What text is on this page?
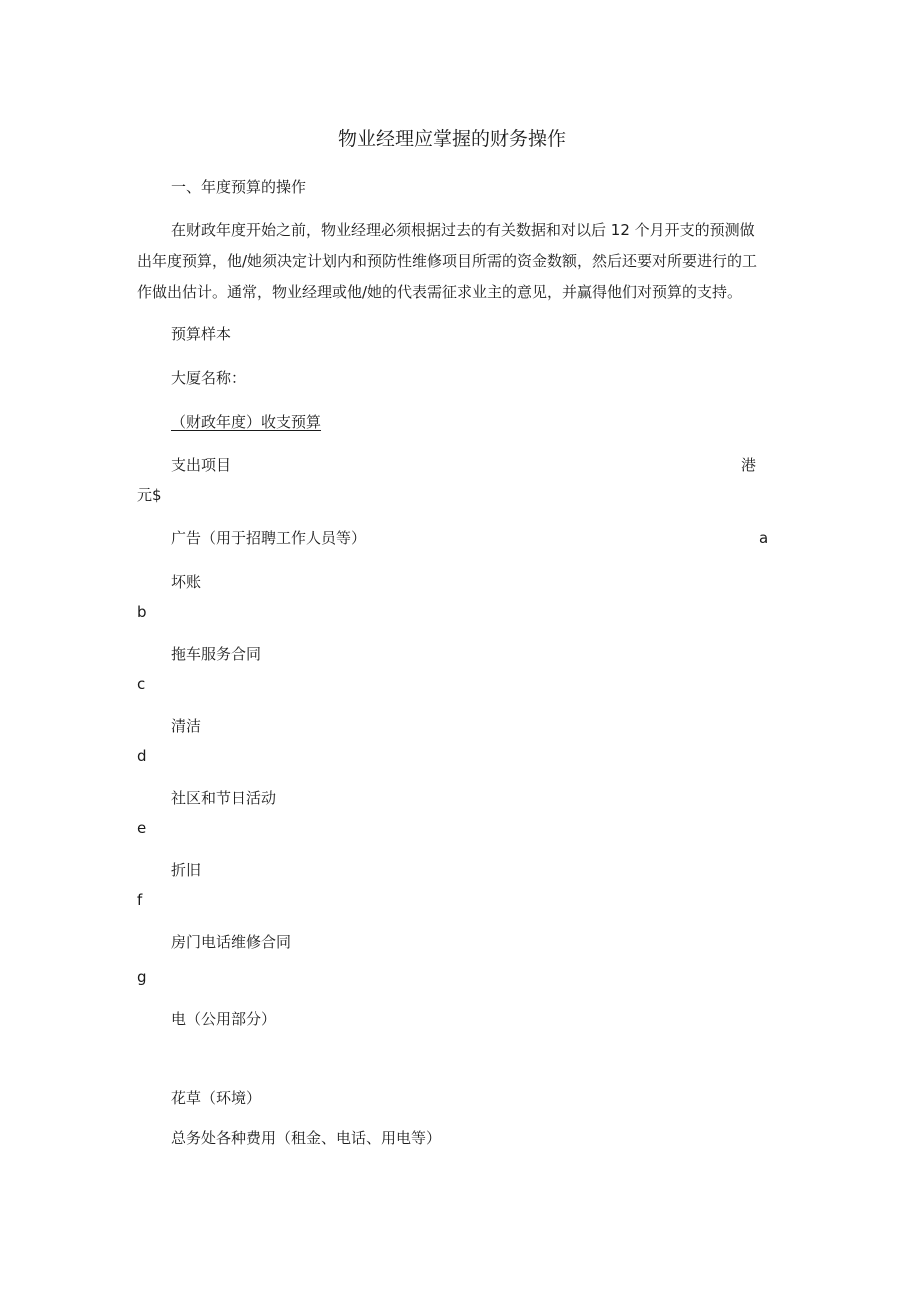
物业经理应掌握的财务操作
一、年度预算的操作
在财政年度开始之前，物业经理必须根据过去的有关数据和对以后 12 个月开支的预测做
出年度预算，他/她须决定计划内和预防性维修项目所需的资金数额，然后还要对所要进行的工
作做出估计。通常，物业经理或他/她的代表需征求业主的意见，并赢得他们对预算的支持。
预算样本
大厦名称：
（财政年度）收支预算
支出项目	港
元$
广告（用于招聘工作人员等）	a
坏账
b
拖车服务合同
c
清洁
d
社区和节日活动
e
折旧
f
房门电话维修合同
g
电（公用部分）
花草（环境）
总务处各种费用（租金、电话、用电等）
